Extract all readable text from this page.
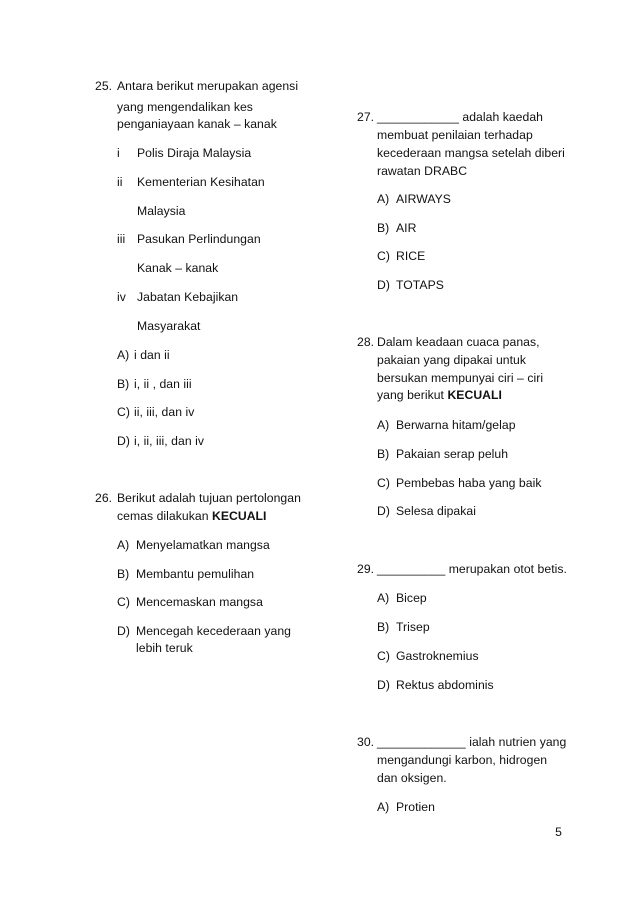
25. Antara berikut merupakan agensi
yang mengendalikan kes
penganiayaan kanak – kanak
i Polis Diraja Malaysia
ii Kementerian Kesihatan
Malaysia
iii Pasukan Perlindungan
Kanak – kanak
iv Jabatan Kebajikan
Masyarakat
A) i dan ii
B) i, ii , dan iii
C) ii, iii, dan iv
D) i, ii, iii, dan iv
26. Berikut adalah tujuan pertolongan
cemas dilakukan KECUALI
A) Menyelamatkan mangsa
B) Membantu pemulihan
C) Mencemaskan mangsa
D) Mencegah kecederaan yang
lebih teruk
27. ____________ adalah kaedah
membuat penilaian terhadap
kecederaan mangsa setelah diberi
rawatan DRABC
A) AIRWAYS
B) AIR
C) RICE
D) TOTAPS
28. Dalam keadaan cuaca panas,
pakaian yang dipakai untuk
bersukan mempunyai ciri – ciri
yang berikut KECUALI
A) Berwarna hitam/gelap
B) Pakaian serap peluh
C) Pembebas haba yang baik
D) Selesa dipakai
29. __________ merupakan otot betis.
A) Bicep
B) Trisep
C) Gastroknemius
D) Rektus abdominis
30. _____________ ialah nutrien yang
mengandungi karbon, hidrogen
dan oksigen.
A) Protien
5
